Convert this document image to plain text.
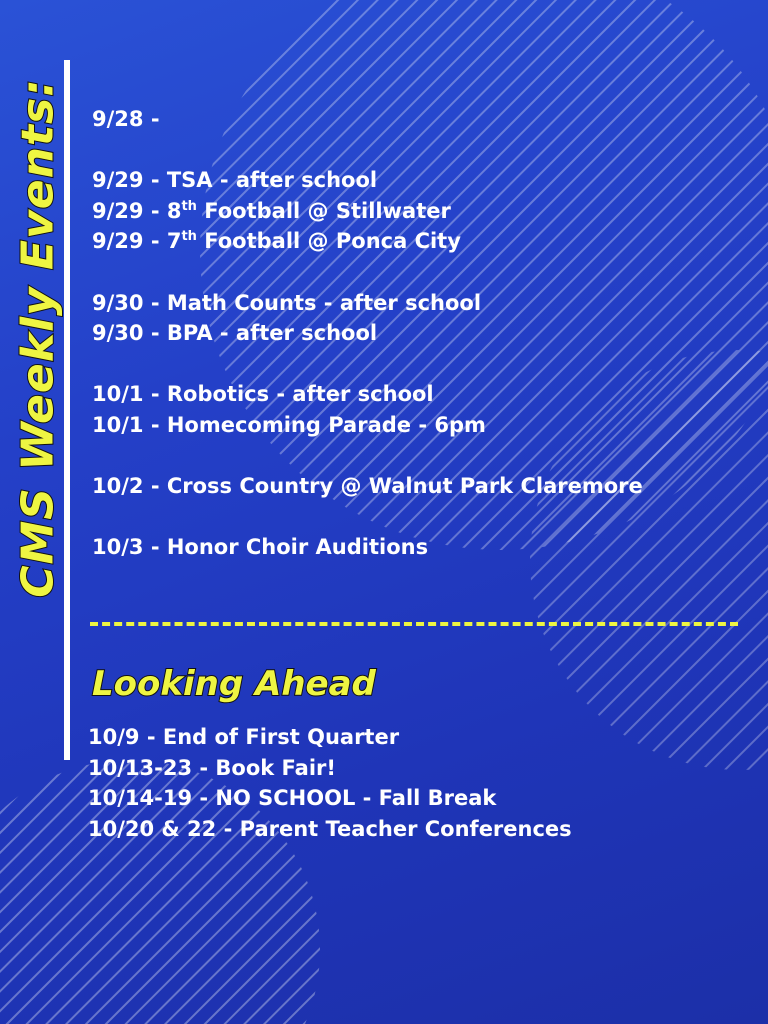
CMS Weekly Events: 9/28 -
9/29 - TSA - after school
9/29 - 8th Football @ Stillwater
9/29 - 7th Football @ Ponca City
9/30 - Math Counts - after school
9/30 - BPA - after school
10/1 - Robotics - after school
10/1 - Homecoming Parade - 6pm
10/2 - Cross Country @ Walnut Park Claremore
10/3 - Honor Choir Auditions
Looking Ahead
10/9 - End of First Quarter
10/13-23 - Book Fair!
10/14-19 - NO SCHOOL - Fall Break
10/20 & 22 - Parent Teacher Conferences
